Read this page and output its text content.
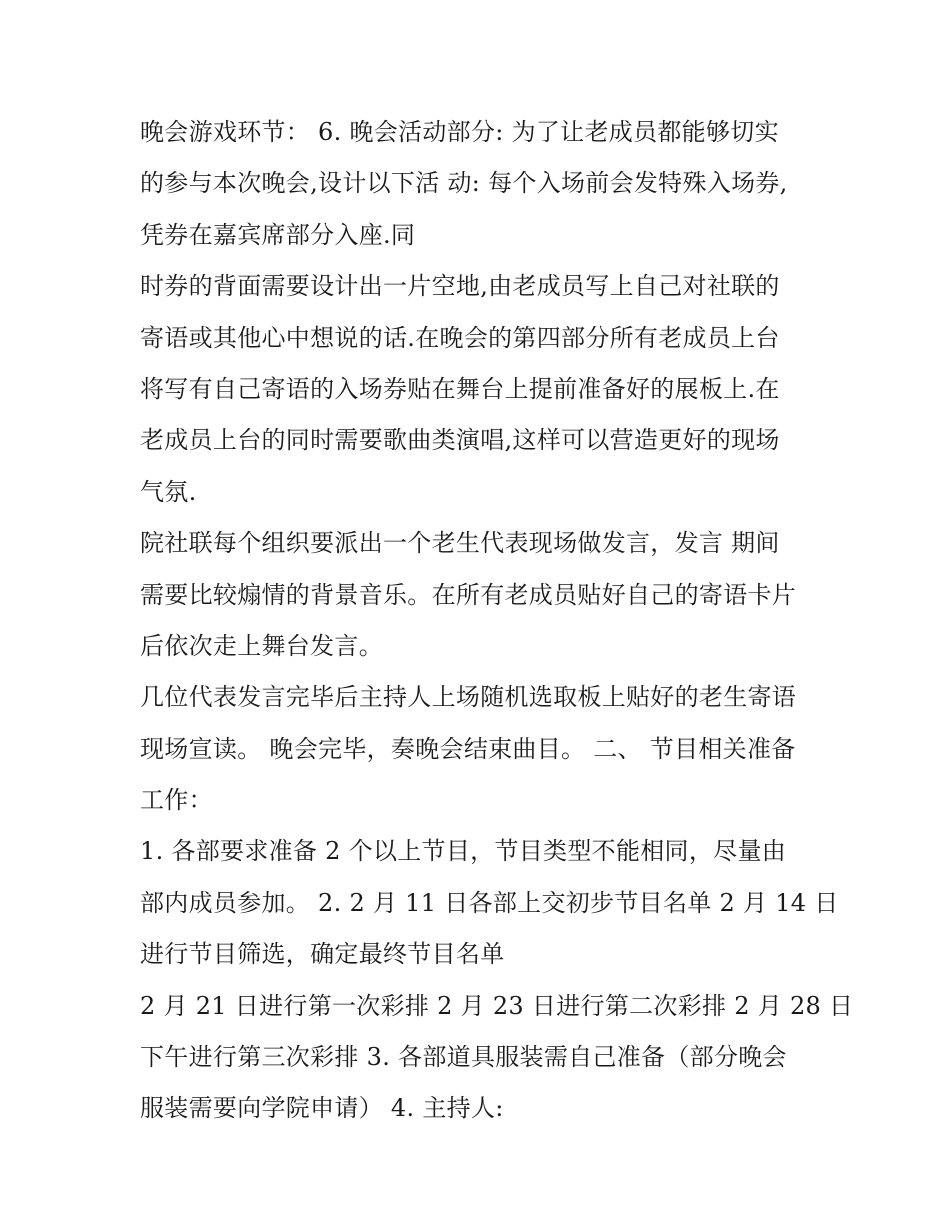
晚会游戏环节： 6. 晚会活动部分: 为了让老成员都能够切实
的参与本次晚会,设计以下活 动: 每个入场前会发特殊入场券,
凭券在嘉宾席部分入座.同
时券的背面需要设计出一片空地,由老成员写上自己对社联的
寄语或其他心中想说的话.在晚会的第四部分所有老成员上台
将写有自己寄语的入场券贴在舞台上提前准备好的展板上.在
老成员上台的同时需要歌曲类演唱,这样可以营造更好的现场
气氛.
院社联每个组织要派出一个老生代表现场做发言，发言 期间
需要比较煽情的背景音乐。在所有老成员贴好自己的寄语卡片
后依次走上舞台发言。
几位代表发言完毕后主持人上场随机选取板上贴好的老生寄语
现场宣读。 晚会完毕，奏晚会结束曲目。 二、 节目相关准备
工作：
1. 各部要求准备 2 个以上节目，节目类型不能相同，尽量由
部内成员参加。 2. 2 月 11 日各部上交初步节目名单 2 月 14 日
进行节目筛选，确定最终节目名单
2 月 21 日进行第一次彩排 2 月 23 日进行第二次彩排 2 月 28 日
下午进行第三次彩排 3. 各部道具服装需自己准备（部分晚会
服装需要向学院申请） 4. 主持人:
